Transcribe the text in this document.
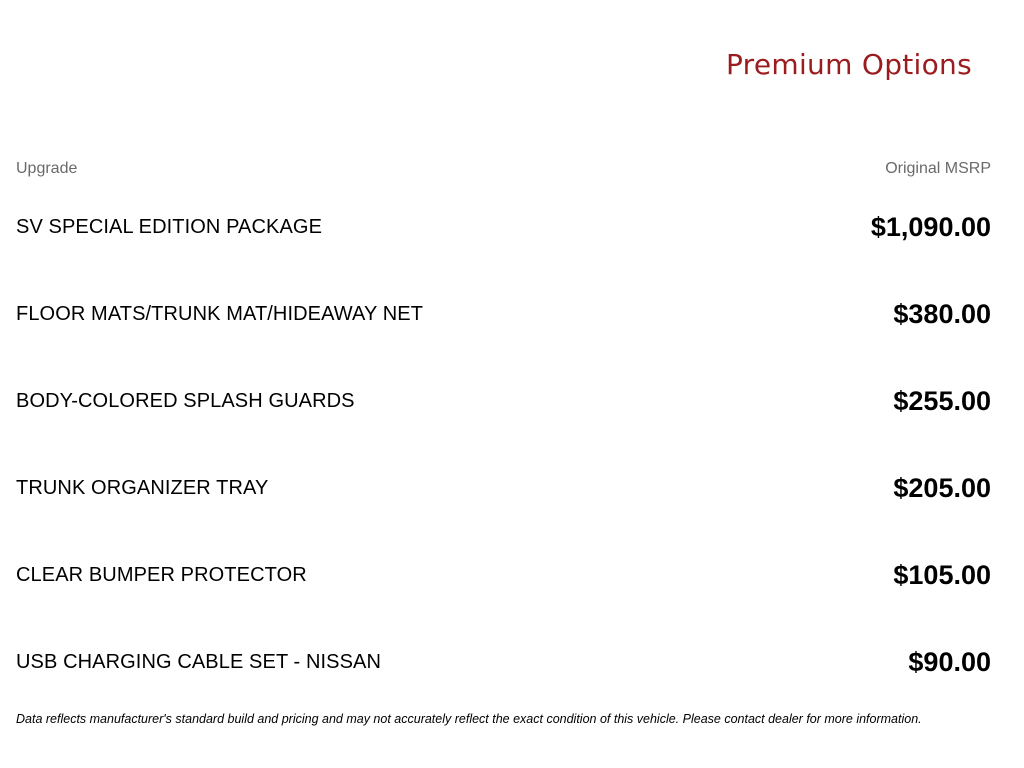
Premium Options
Upgrade	Original MSRP
SV SPECIAL EDITION PACKAGE	$1,090.00
FLOOR MATS/TRUNK MAT/HIDEAWAY NET	$380.00
BODY-COLORED SPLASH GUARDS	$255.00
TRUNK ORGANIZER TRAY	$205.00
CLEAR BUMPER PROTECTOR	$105.00
USB CHARGING CABLE SET - NISSAN	$90.00

Data reflects manufacturer's standard build and pricing and may not accurately reflect the exact condition of this vehicle. Please contact dealer for more information.
